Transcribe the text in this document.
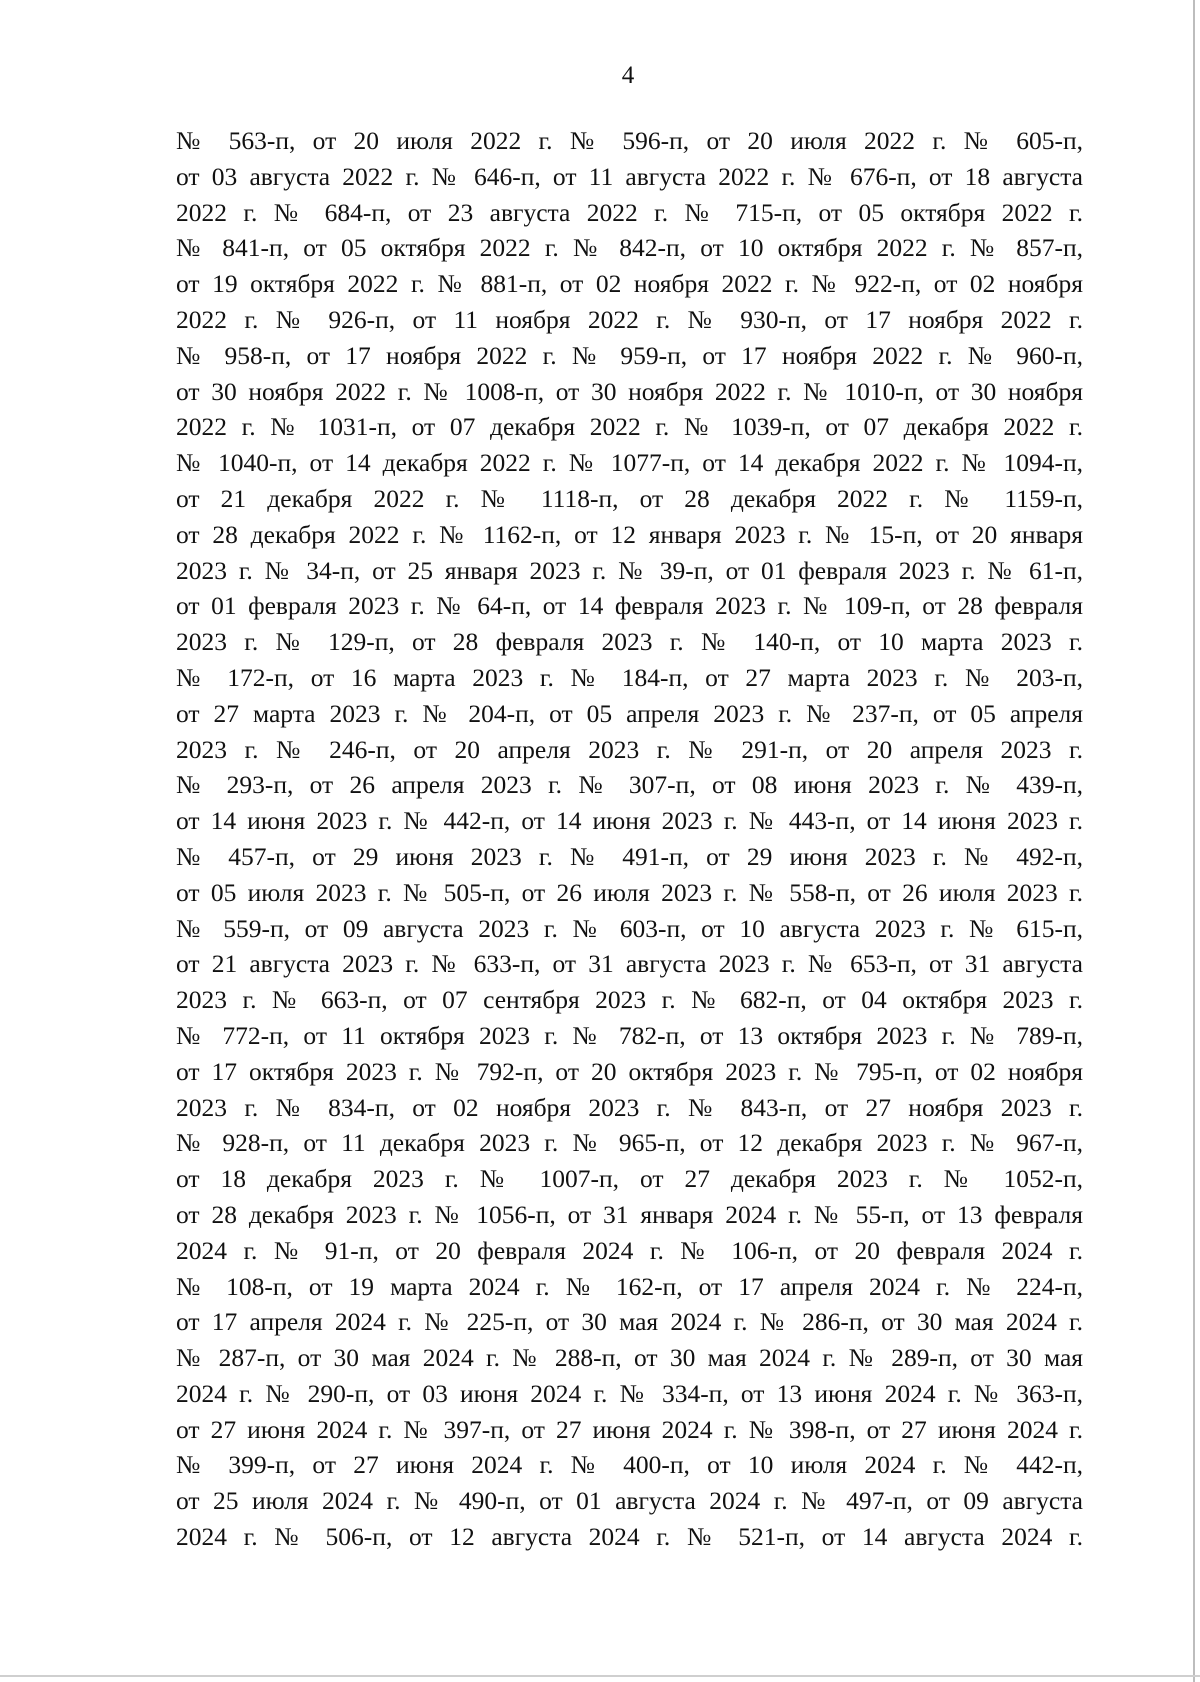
4
№ 563-п, от 20 июля 2022 г. № 596-п, от 20 июля 2022 г. № 605-п,
от 03 августа 2022 г. № 646-п, от 11 августа 2022 г. № 676-п, от 18 августа
2022 г. № 684-п, от 23 августа 2022 г. № 715-п, от 05 октября 2022 г.
№ 841-п, от 05 октября 2022 г. № 842-п, от 10 октября 2022 г. № 857-п,
от 19 октября 2022 г. № 881-п, от 02 ноября 2022 г. № 922-п, от 02 ноября
2022 г. № 926-п, от 11 ноября 2022 г. № 930-п, от 17 ноября 2022 г.
№ 958-п, от 17 ноября 2022 г. № 959-п, от 17 ноября 2022 г. № 960-п,
от 30 ноября 2022 г. № 1008-п, от 30 ноября 2022 г. № 1010-п, от 30 ноября
2022 г. № 1031-п, от 07 декабря 2022 г. № 1039-п, от 07 декабря 2022 г.
№ 1040-п, от 14 декабря 2022 г. № 1077-п, от 14 декабря 2022 г. № 1094-п,
от 21 декабря 2022 г. № 1118-п, от 28 декабря 2022 г. № 1159-п,
от 28 декабря 2022 г. № 1162-п, от 12 января 2023 г. № 15-п, от 20 января
2023 г. № 34-п, от 25 января 2023 г. № 39-п, от 01 февраля 2023 г. № 61-п,
от 01 февраля 2023 г. № 64-п, от 14 февраля 2023 г. № 109-п, от 28 февраля
2023 г. № 129-п, от 28 февраля 2023 г. № 140-п, от 10 марта 2023 г.
№ 172-п, от 16 марта 2023 г. № 184-п, от 27 марта 2023 г. № 203-п,
от 27 марта 2023 г. № 204-п, от 05 апреля 2023 г. № 237-п, от 05 апреля
2023 г. № 246-п, от 20 апреля 2023 г. № 291-п, от 20 апреля 2023 г.
№ 293-п, от 26 апреля 2023 г. № 307-п, от 08 июня 2023 г. № 439-п,
от 14 июня 2023 г. № 442-п, от 14 июня 2023 г. № 443-п, от 14 июня 2023 г.
№ 457-п, от 29 июня 2023 г. № 491-п, от 29 июня 2023 г. № 492-п,
от 05 июля 2023 г. № 505-п, от 26 июля 2023 г. № 558-п, от 26 июля 2023 г.
№ 559-п, от 09 августа 2023 г. № 603-п, от 10 августа 2023 г. № 615-п,
от 21 августа 2023 г. № 633-п, от 31 августа 2023 г. № 653-п, от 31 августа
2023 г. № 663-п, от 07 сентября 2023 г. № 682-п, от 04 октября 2023 г.
№ 772-п, от 11 октября 2023 г. № 782-п, от 13 октября 2023 г. № 789-п,
от 17 октября 2023 г. № 792-п, от 20 октября 2023 г. № 795-п, от 02 ноября
2023 г. № 834-п, от 02 ноября 2023 г. № 843-п, от 27 ноября 2023 г.
№ 928-п, от 11 декабря 2023 г. № 965-п, от 12 декабря 2023 г. № 967-п,
от 18 декабря 2023 г. № 1007-п, от 27 декабря 2023 г. № 1052-п,
от 28 декабря 2023 г. № 1056-п, от 31 января 2024 г. № 55-п, от 13 февраля
2024 г. № 91-п, от 20 февраля 2024 г. № 106-п, от 20 февраля 2024 г.
№ 108-п, от 19 марта 2024 г. № 162-п, от 17 апреля 2024 г. № 224-п,
от 17 апреля 2024 г. № 225-п, от 30 мая 2024 г. № 286-п, от 30 мая 2024 г.
№ 287-п, от 30 мая 2024 г. № 288-п, от 30 мая 2024 г. № 289-п, от 30 мая
2024 г. № 290-п, от 03 июня 2024 г. № 334-п, от 13 июня 2024 г. № 363-п,
от 27 июня 2024 г. № 397-п, от 27 июня 2024 г. № 398-п, от 27 июня 2024 г.
№ 399-п, от 27 июня 2024 г. № 400-п, от 10 июля 2024 г. № 442-п,
от 25 июля 2024 г. № 490-п, от 01 августа 2024 г. № 497-п, от 09 августа
2024 г. № 506-п, от 12 августа 2024 г. № 521-п, от 14 августа 2024 г.
